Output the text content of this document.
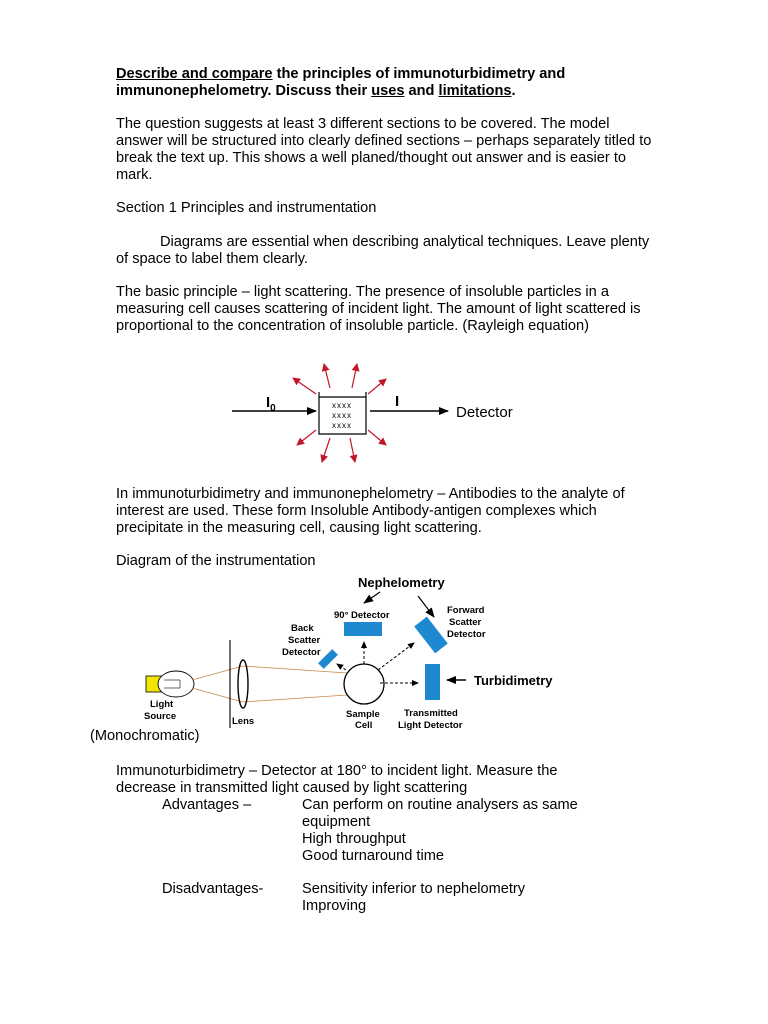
Describe and compare the principles of immunoturbidimetry and immunonephelometry. Discuss their uses and limitations.

The question suggests at least 3 different sections to be covered. The model answer will be structured into clearly defined sections – perhaps separately titled to break the text up. This shows a well planed/thought out answer and is easier to mark.

Section 1 Principles and instrumentation

Diagrams are essential when describing analytical techniques. Leave plenty of space to label them clearly.

The basic principle – light scattering. The presence of insoluble particles in a measuring cell causes scattering of incident light. The amount of light scattered is proportional to the concentration of insoluble particle. (Rayleigh equation)

$I_0$	xxxx
xxxx
xxxx
I
Detector

In immunoturbidimetry and immunonephelometry – Antibodies to the analyte of interest are used. These form Insoluble Antibody-antigen complexes which precipitate in the measuring cell, causing light scattering.

Diagram of the instrumentation

Nephelometry
Light
Source	Lens
Sample
Cell
Back
Scatter
Detector
90° Detector	Forward
Scatter
Detector
Transmitted
Light Detector
Turbidimetry
(Monochromatic)
Immunoturbidimetry – Detector at 180° to incident light. Measure the
decrease in transmitted light caused by light scattering
Advantages –	Can perform on routine analysers as same
equipment
High throughput
Good turnaround time
Disadvantages-	Sensitivity inferior to nephelometry
Improving
